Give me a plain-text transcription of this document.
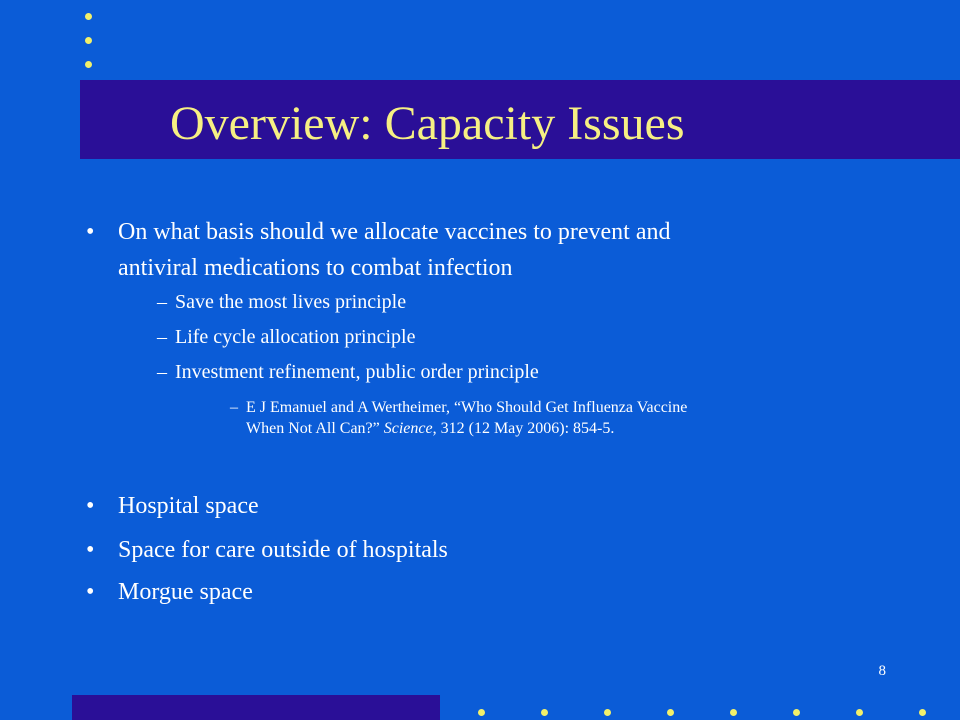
Overview: Capacity Issues
• On what basis should we allocate vaccines to prevent and

antiviral medications to combat infection

– Save the most lives principle

– Life cycle allocation principle

– Investment refinement, public order principle

– E J Emanuel and A Wertheimer, “Who Should Get Influenza Vaccine

When Not All Can?” Science, 312 (12 May 2006): 854-5.

• Hospital space

• Space for care outside of hospitals

• Morgue space

8
